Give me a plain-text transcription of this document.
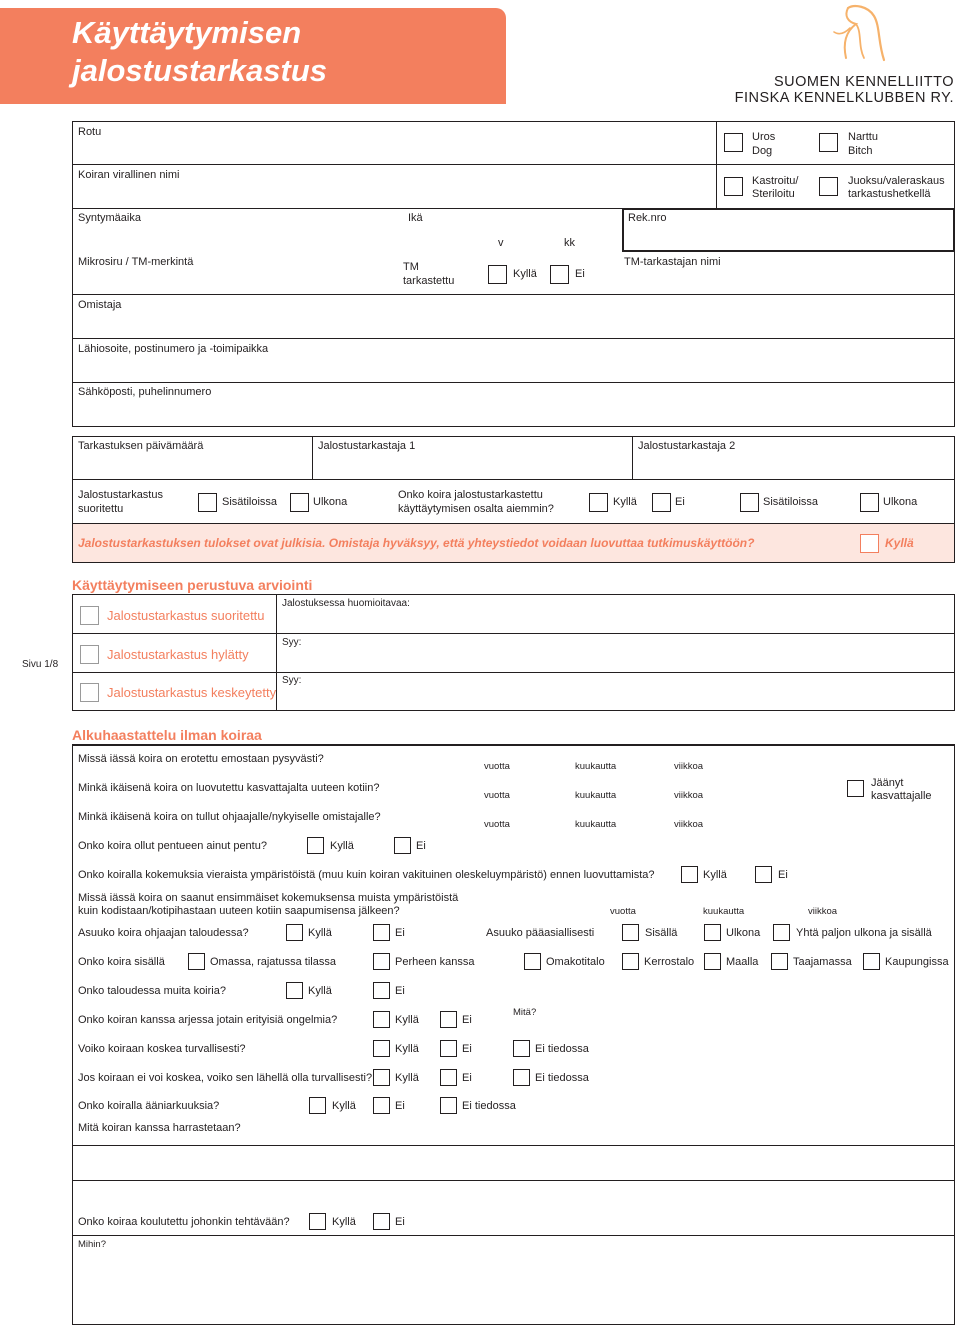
Käyttäytymisen
jalostustarkastus	SUOMEN KENNELLIITTO
FINSKA KENNELKLUBBEN RY.
Rotu	Uros
Dog
Narttu
Bitch
Koiran virallinen nimi	Kastroitu/
Steriloitu
Juoksu/valeraskaus
tarkastushetkellä
Syntymäaika	Ikä	Rek.nro
v	kk
Mikrosiru / TM-merkintä	TM
tarkastettu
Kyllä	Ei
TM-tarkastajan nimi
Omistaja
Lähiosoite, postinumero ja -toimipaikka
Sähköposti, puhelinnumero
Tarkastuksen päivämäärä	Jalostustarkastaja 1	Jalostustarkastaja 2
Jalostustarkastus
suoritettu
Sisätiloissa	Ulkona
Onko koira jalostustarkastettu
käyttäytymisen osalta aiemmin?
Kyllä	Ei	Sisätiloissa	Ulkona
Jalostustarkastuksen tulokset ovat julkisia. Omistaja hyväksyy, että yhteystiedot voidaan luovuttaa tutkimuskäyttöön?	Kyllä
Käyttäytymiseen perustuva arviointi
Jalostustarkastus suoritettu
Jalostustarkastus hylätty
Jalostustarkastus keskeytetty
Jalostuksessa huomioitavaa:
Syy:
Syy:
Sivu 1/8
Alkuhaastattelu ilman koiraa
Missä iässä koira on erotettu emostaan pysyvästi?
vuotta	kuukautta	viikkoa
Minkä ikäisenä koira on luovutettu kasvattajalta uuteen kotiin?
vuotta	kuukautta	viikkoa
Jäänyt
kasvattajalle
Minkä ikäisenä koira on tullut ohjaajalle/nykyiselle omistajalle?
vuotta	kuukautta	viikkoa
Onko koira ollut pentueen ainut pentu?	Kyllä	Ei
Onko koiralla kokemuksia vieraista ympäristöistä (muu kuin koiran vakituinen oleskeluympäristö) ennen luovuttamista?	Kyllä	Ei
Missä iässä koira on saanut ensimmäiset kokemuksensa muista ympäristöistä
kuin kodistaan/kotipihastaan uuteen kotiin saapumisensa jälkeen?	vuotta	kuukautta	viikkoa
Asuuko koira ohjaajan taloudessa?	Kyllä	Ei	Asuuko pääasiallisesti	Sisällä	Ulkona	Yhtä paljon ulkona ja sisällä
Onko koira sisällä	Omassa, rajatussa tilassa	Perheen kanssa	Omakotitalo	Kerrostalo	Maalla	Taajamassa	Kaupungissa
Onko taloudessa muita koiria?	Kyllä	Ei
Onko koiran kanssa arjessa jotain erityisiä ongelmia?	Kyllä	Ei
Mitä?
Voiko koiraan koskea turvallisesti?	Kyllä	Ei	Ei tiedossa
Jos koiraan ei voi koskea, voiko sen lähellä olla turvallisesti? Kyllä	Ei	Ei tiedossa
Onko koiralla ääniarkuuksia?	Kyllä	Ei	Ei tiedossa
Mitä koiran kanssa harrastetaan?
Onko koiraa koulutettu johonkin tehtävään?	Kyllä	Ei
Mihin?
